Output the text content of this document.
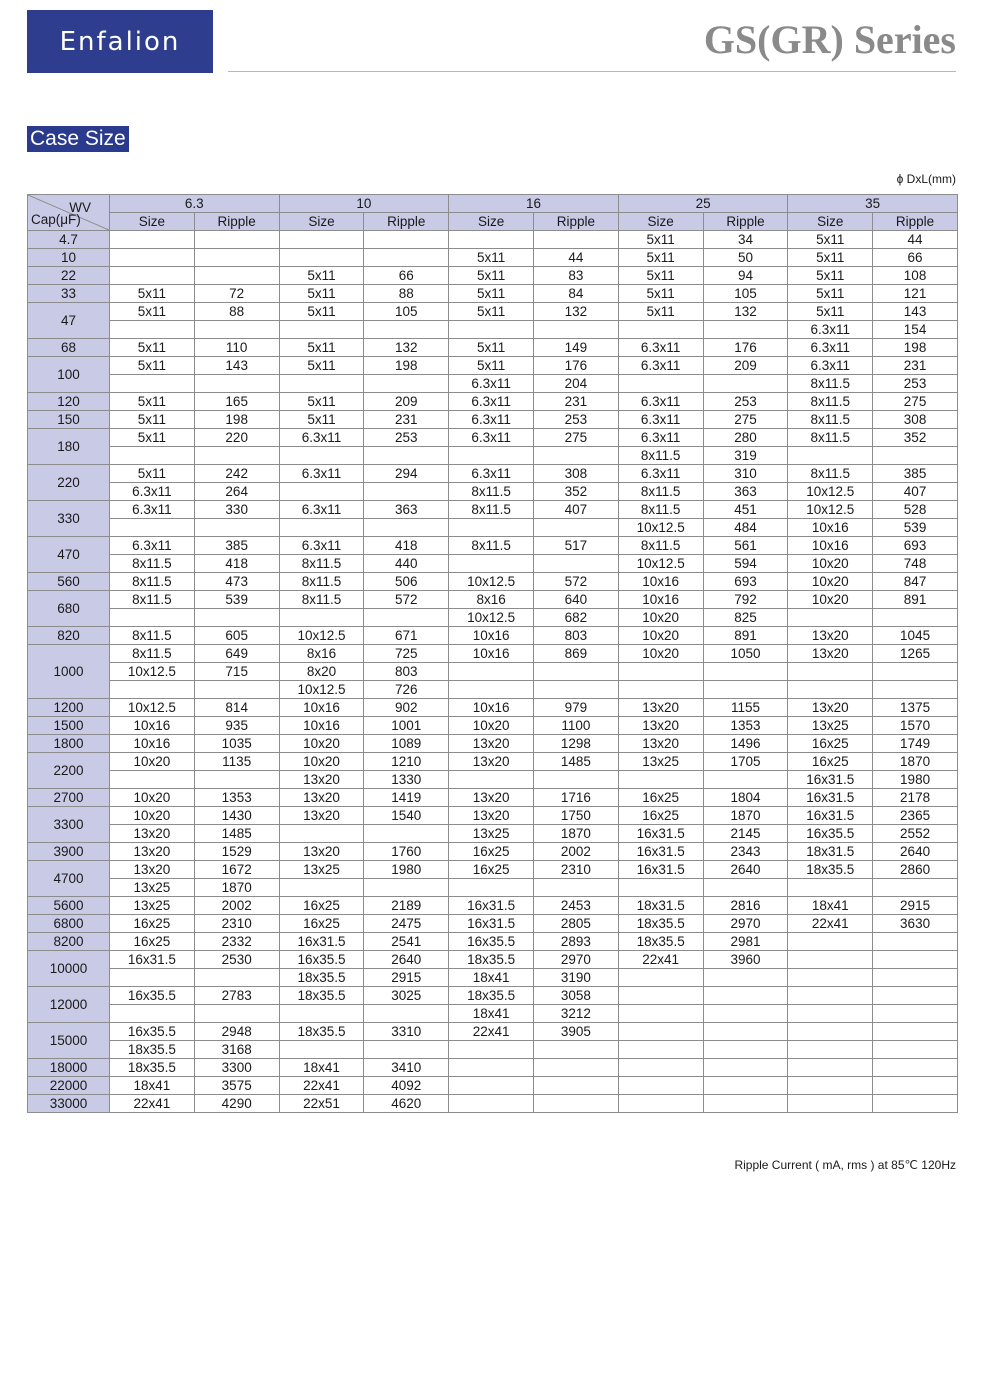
Enfalion	GS(GR) Series
Case Size
ϕ DxL(mm)
WV
Cap(μF)	6.3		10		16		25		35	
	Size	Ripple	Size	Ripple	Size	Ripple	Size	Ripple	Size	Ripple
4.7							5x11	34	5x11	44
10					5x11	44	5x11	50	5x11	66
22			5x11	66	5x11	83	5x11	94	5x11	108
33	5x11	72	5x11	88	5x11	84	5x11	105	5x11	121
47	5x11	88	5x11	105	5x11	132	5x11	132	5x11	143
									6.3x11	154
68	5x11	110	5x11	132	5x11	149	6.3x11	176	6.3x11	198
100	5x11	143	5x11	198	5x11	176	6.3x11	209	6.3x11	231
					6.3x11	204			8x11.5	253
120	5x11	165	5x11	209	6.3x11	231	6.3x11	253	8x11.5	275
150	5x11	198	5x11	231	6.3x11	253	6.3x11	275	8x11.5	308
180	5x11	220	6.3x11	253	6.3x11	275	6.3x11	280	8x11.5	352
							8x11.5	319		
220	5x11	242	6.3x11	294	6.3x11	308	6.3x11	310	8x11.5	385
	6.3x11	264			8x11.5	352	8x11.5	363	10x12.5	407
330	6.3x11	330	6.3x11	363	8x11.5	407	8x11.5	451	10x12.5	528
							10x12.5	484	10x16	539
470	6.3x11	385	6.3x11	418	8x11.5	517	8x11.5	561	10x16	693
	8x11.5	418	8x11.5	440			10x12.5	594	10x20	748
560	8x11.5	473	8x11.5	506	10x12.5	572	10x16	693	10x20	847
680	8x11.5	539	8x11.5	572	8x16	640	10x16	792	10x20	891
					10x12.5	682	10x20	825		
820	8x11.5	605	10x12.5	671	10x16	803	10x20	891	13x20	1045
1000	8x11.5	649	8x16	725	10x16	869	10x20	1050	13x20	1265
	10x12.5	715	8x20	803						
			10x12.5	726						
1200	10x12.5	814	10x16	902	10x16	979	13x20	1155	13x20	1375
1500	10x16	935	10x16	1001	10x20	1100	13x20	1353	13x25	1570
1800	10x16	1035	10x20	1089	13x20	1298	13x20	1496	16x25	1749
2200	10x20	1135	10x20	1210	13x20	1485	13x25	1705	16x25	1870
			13x20	1330					16x31.5	1980
2700	10x20	1353	13x20	1419	13x20	1716	16x25	1804	16x31.5	2178
3300	10x20	1430	13x20	1540	13x20	1750	16x25	1870	16x31.5	2365
	13x20	1485			13x25	1870	16x31.5	2145	16x35.5	2552
3900	13x20	1529	13x20	1760	16x25	2002	16x31.5	2343	18x31.5	2640
4700	13x20	1672	13x25	1980	16x25	2310	16x31.5	2640	18x35.5	2860
	13x25	1870								
5600	13x25	2002	16x25	2189	16x31.5	2453	18x31.5	2816	18x41	2915
6800	16x25	2310	16x25	2475	16x31.5	2805	18x35.5	2970	22x41	3630
8200	16x25	2332	16x31.5	2541	16x35.5	2893	18x35.5	2981		
10000	16x31.5	2530	16x35.5	2640	18x35.5	2970	22x41	3960		
			18x35.5	2915	18x41	3190				
12000	16x35.5	2783	18x35.5	3025	18x35.5	3058				
					18x41	3212				
15000	16x35.5	2948	18x35.5	3310	22x41	3905				
	18x35.5	3168								
18000	18x35.5	3300	18x41	3410						
22000	18x41	3575	22x41	4092						
33000	22x41	4290	22x51	4620						
Ripple Current ( mA, rms ) at 85℃ 120Hz
